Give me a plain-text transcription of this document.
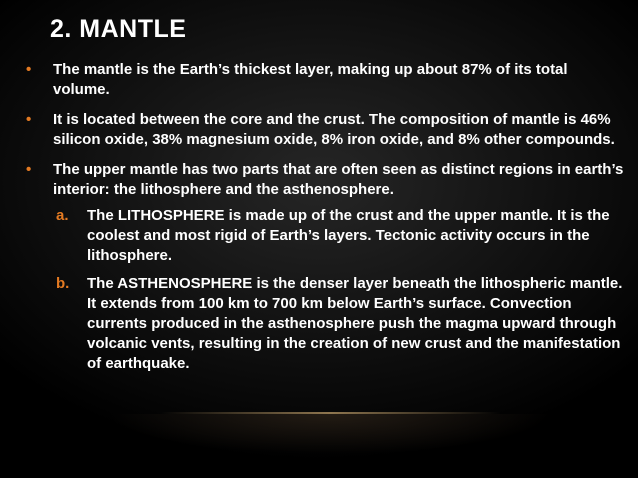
2. MANTLE
• The mantle is the Earth’s thickest layer, making up about 87% of its total volume.
• It is located between the core and the crust. The composition of mantle is 46% silicon oxide, 38% magnesium oxide, 8% iron oxide, and 8% other compounds.
• The upper mantle has two parts that are often seen as distinct regions in earth’s interior: the lithosphere and the asthenosphere.
a. The LITHOSPHERE is made up of the crust and the upper mantle. It is the coolest and most rigid of Earth’s layers. Tectonic activity occurs in the lithosphere.
b. The ASTHENOSPHERE is the denser layer beneath the lithospheric mantle. It extends from 100 km to 700 km below Earth’s surface. Convection currents produced in the asthenosphere push the magma upward through volcanic vents, resulting in the creation of new crust and the manifestation of earthquake.
